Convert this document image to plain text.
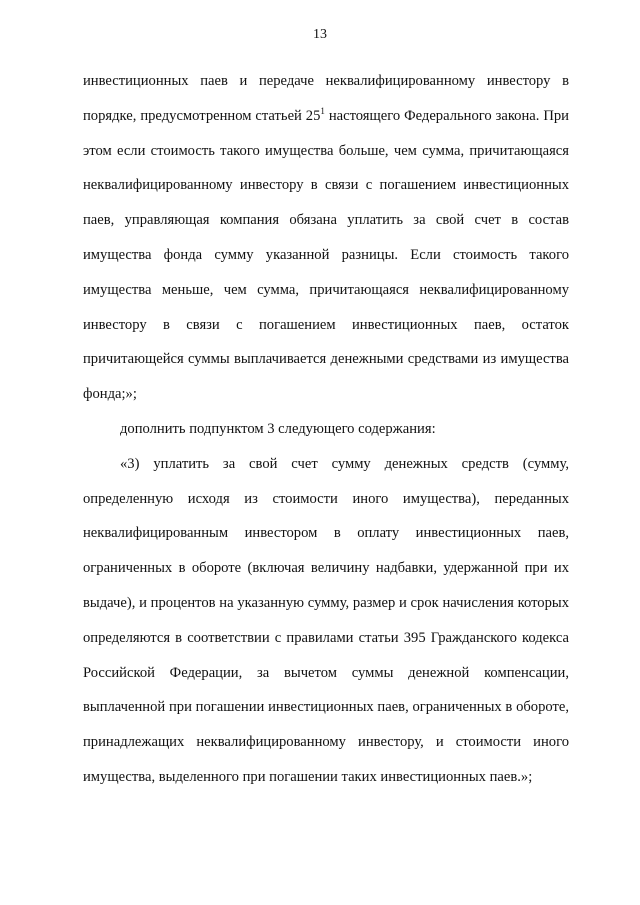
13

инвестиционных паев и передаче неквалифицированному инвестору в порядке, предусмотренном статьей $25^1$ настоящего Федерального закона. При этом если стоимость такого имущества больше, чем сумма, причитающаяся неквалифицированному инвестору в связи с погашением инвестиционных паев, управляющая компания обязана уплатить за свой счет в состав имущества фонда сумму указанной разницы. Если стоимость такого имущества меньше, чем сумма, причитающаяся неквалифицированному инвестору в связи с погашением инвестиционных паев, остаток причитающейся суммы выплачивается денежными средствами из имущества фонда;»;

дополнить подпунктом 3 следующего содержания:

«3) уплатить за свой счет сумму денежных средств (сумму, определенную исходя из стоимости иного имущества), переданных неквалифицированным инвестором в оплату инвестиционных паев, ограниченных в обороте (включая величину надбавки, удержанной при их выдаче), и процентов на указанную сумму, размер и срок начисления которых определяются в соответствии с правилами статьи 395 Гражданского кодекса Российской Федерации, за вычетом суммы денежной компенсации, выплаченной при погашении инвестиционных паев, ограниченных в обороте, принадлежащих неквалифицированному инвестору, и стоимости иного имущества, выделенного при погашении таких инвестиционных паев.»;
